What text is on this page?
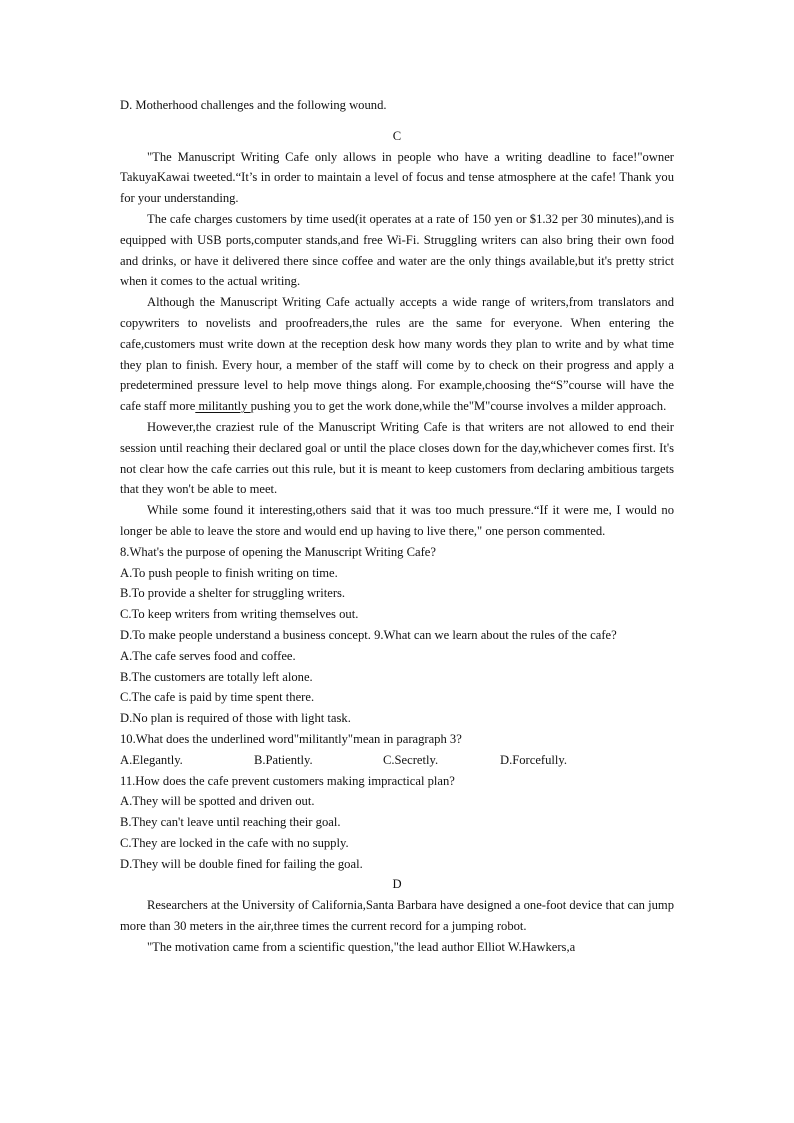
D. Motherhood challenges and the following wound.

C

"The Manuscript Writing Cafe only allows in people who have a writing deadline to face!"owner TakuyaKawai tweeted.“It’s in order to maintain a level of focus and tense atmosphere at the cafe! Thank you for your understanding.

The cafe charges customers by time used(it operates at a rate of 150 yen or $1.32 per 30 minutes),and is equipped with USB ports,computer stands,and free Wi-Fi. Struggling writers can also bring their own food and drinks, or have it delivered there since coffee and water are the only things available,but it's pretty strict when it comes to the actual writing.

Although the Manuscript Writing Cafe actually accepts a wide range of writers,from translators and copywriters to novelists and proofreaders,the rules are the same for everyone. When entering the cafe,customers must write down at the reception desk how many words they plan to write and by what time they plan to finish. Every hour, a member of the staff will come by to check on their progress and apply a predetermined pressure level to help move things along. For example,choosing the“S”course will have the cafe staff more militantly pushing you to get the work done,while the"M"course involves a milder approach.

However,the craziest rule of the Manuscript Writing Cafe is that writers are not allowed to end their session until reaching their declared goal or until the place closes down for the day,whichever comes first. It's not clear how the cafe carries out this rule, but it is meant to keep customers from declaring ambitious targets that they won't be able to meet.

While some found it interesting,others said that it was too much pressure.“If it were me, I would no longer be able to leave the store and would end up having to live there," one person commented.

8.What's the purpose of opening the Manuscript Writing Cafe?

A.To push people to finish writing on time.

B.To provide a shelter for struggling writers.

C.To keep writers from writing themselves out.

D.To make people understand a business concept. 9.What can we learn about the rules of the cafe?

A.The cafe serves food and coffee.

B.The customers are totally left alone.

C.The cafe is paid by time spent there.

D.No plan is required of those with light task.

10.What does the underlined word"militantly"mean in paragraph 3?

A.Elegantly.	B.Patiently.	C.Secretly.	D.Forcefully.

11.How does the cafe prevent customers making impractical plan?

A.They will be spotted and driven out.

B.They can't leave until reaching their goal.

C.They are locked in the cafe with no supply.

D.They will be double fined for failing the goal.

D

Researchers at the University of California,Santa Barbara have designed a one-foot device that can jump more than 30 meters in the air,three times the current record for a jumping robot.

"The motivation came from a scientific question,"the lead author Elliot W.Hawkers,a
